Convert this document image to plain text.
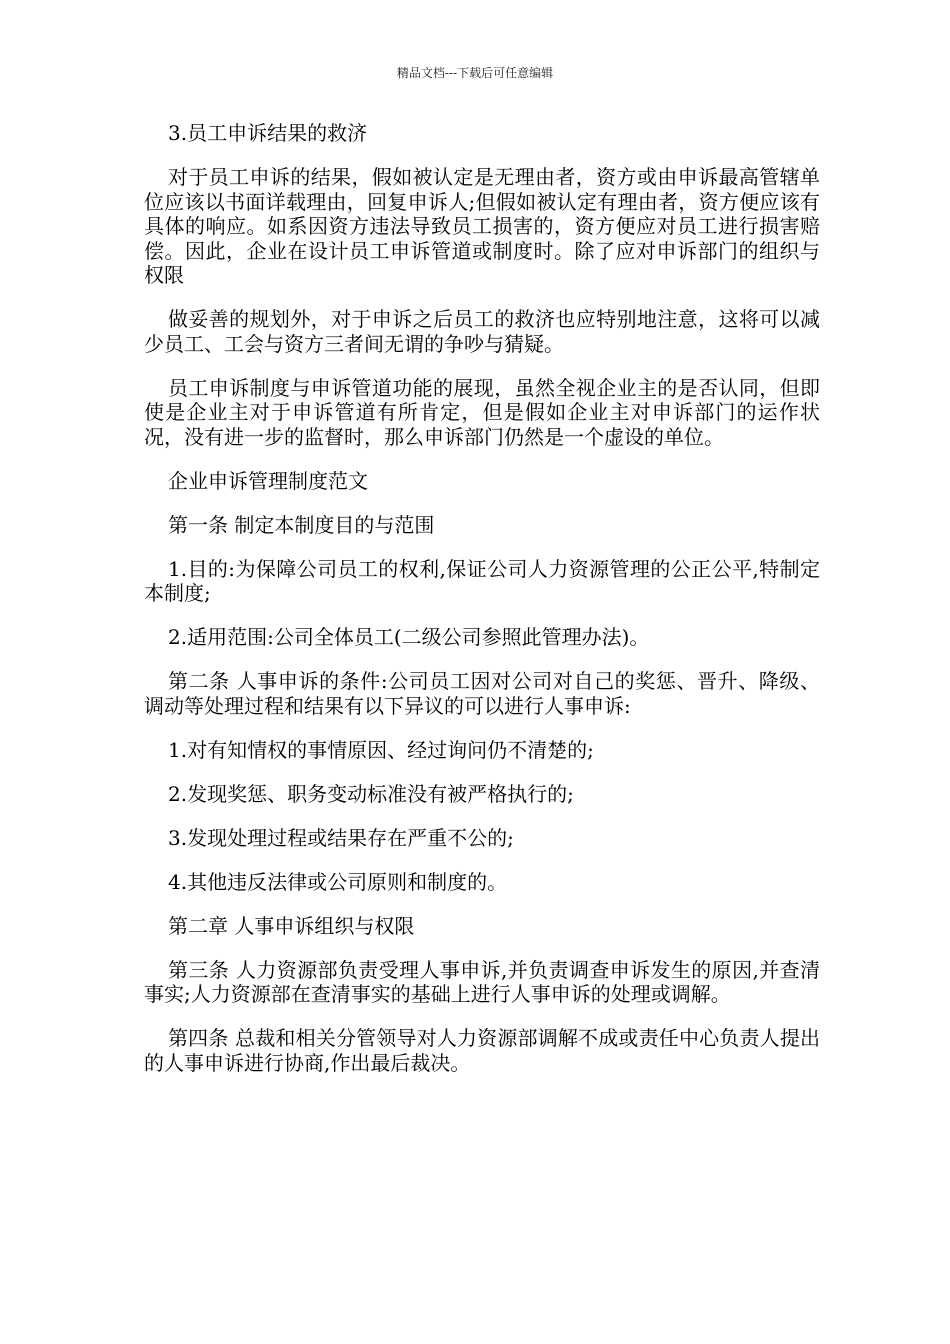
精品文档---下载后可任意编辑

3.员工申诉结果的救济

对于员工申诉的结果，假如被认定是无理由者，资方或由申诉最高管辖单位应该以书面详载理由，回复申诉人;但假如被认定有理由者，资方便应该有具体的响应。如系因资方违法导致员工损害的，资方便应对员工进行损害赔偿。因此，企业在设计员工申诉管道或制度时。除了应对申诉部门的组织与权限

做妥善的规划外，对于申诉之后员工的救济也应特别地注意，这将可以减少员工、工会与资方三者间无谓的争吵与猜疑。

员工申诉制度与申诉管道功能的展现，虽然全视企业主的是否认同，但即使是企业主对于申诉管道有所肯定，但是假如企业主对申诉部门的运作状况，没有进一步的监督时，那么申诉部门仍然是一个虚设的单位。

企业申诉管理制度范文

第一条 制定本制度目的与范围

1.目的:为保障公司员工的权利,保证公司人力资源管理的公正公平,特制定本制度;

2.适用范围:公司全体员工(二级公司参照此管理办法)。

第二条 人事申诉的条件:公司员工因对公司对自己的奖惩、晋升、降级、调动等处理过程和结果有以下异议的可以进行人事申诉:

1.对有知情权的事情原因、经过询问仍不清楚的;

2.发现奖惩、职务变动标准没有被严格执行的;

3.发现处理过程或结果存在严重不公的;

4.其他违反法律或公司原则和制度的。

第二章 人事申诉组织与权限

第三条 人力资源部负责受理人事申诉,并负责调查申诉发生的原因,并查清事实;人力资源部在查清事实的基础上进行人事申诉的处理或调解。

第四条 总裁和相关分管领导对人力资源部调解不成或责任中心负责人提出的人事申诉进行协商,作出最后裁决。
